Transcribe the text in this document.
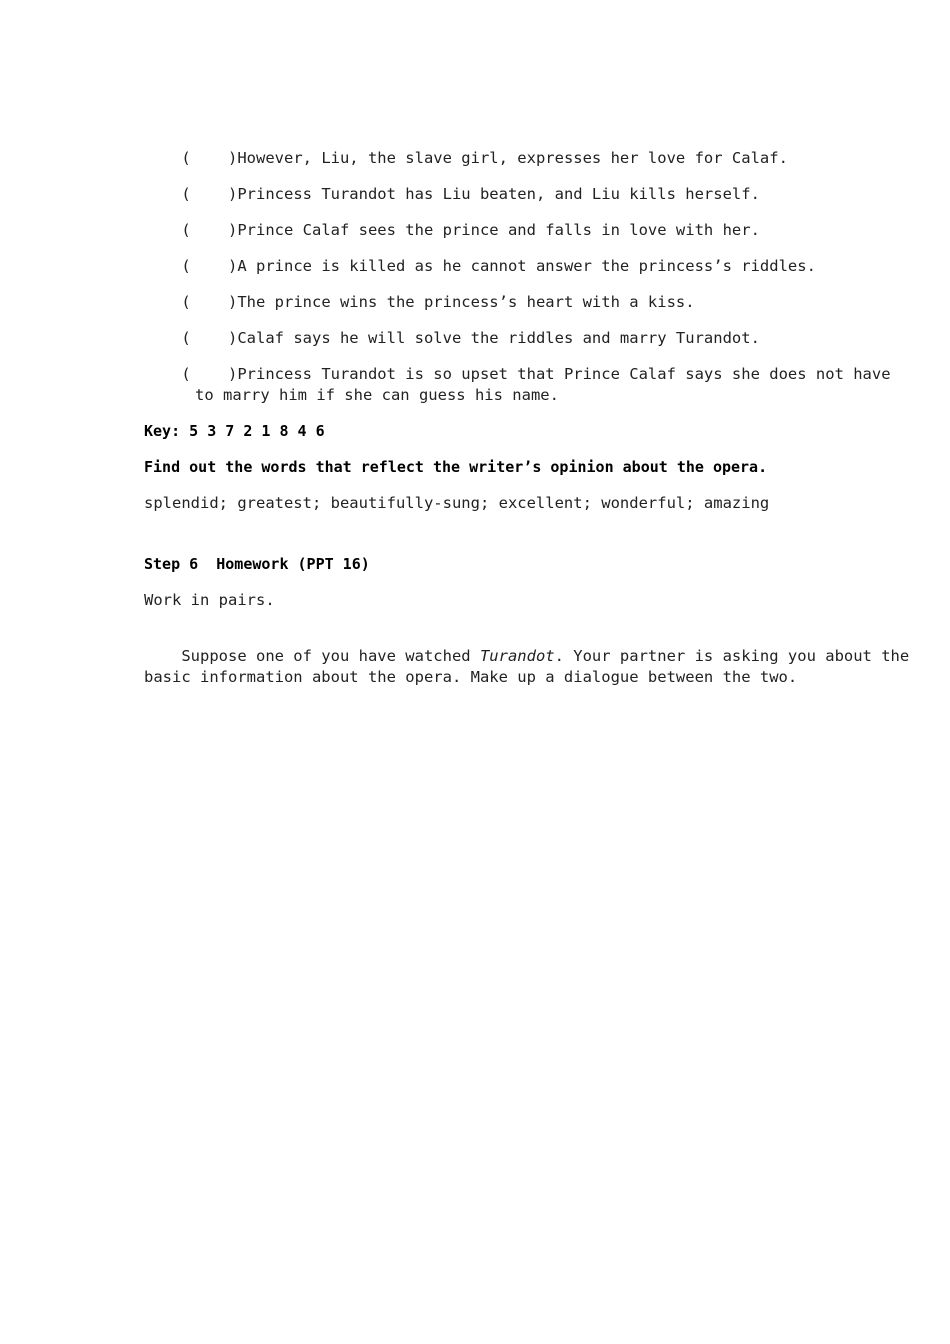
(    )However, Liu, the slave girl, expresses her love for Calaf.

(    )Princess Turandot has Liu beaten, and Liu kills herself.

(    )Prince Calaf sees the prince and falls in love with her.

(    )A prince is killed as he cannot answer the princess’s riddles.

(    )The prince wins the princess’s heart with a kiss.

(    )Calaf says he will solve the riddles and marry Turandot.

(    )Princess Turandot is so upset that Prince Calaf says she does not have

to marry him if she can guess his name.
Key: 5 3 7 2 1 8 4 6
Find out the words that reflect the writer’s opinion about the opera.
splendid; greatest; beautifully-sung; excellent; wonderful; amazing
Step 6  Homework (PPT 16)
Work in pairs.

Suppose one of you have watched Turandot. Your partner is asking you about the

basic information about the opera. Make up a dialogue between the two.
